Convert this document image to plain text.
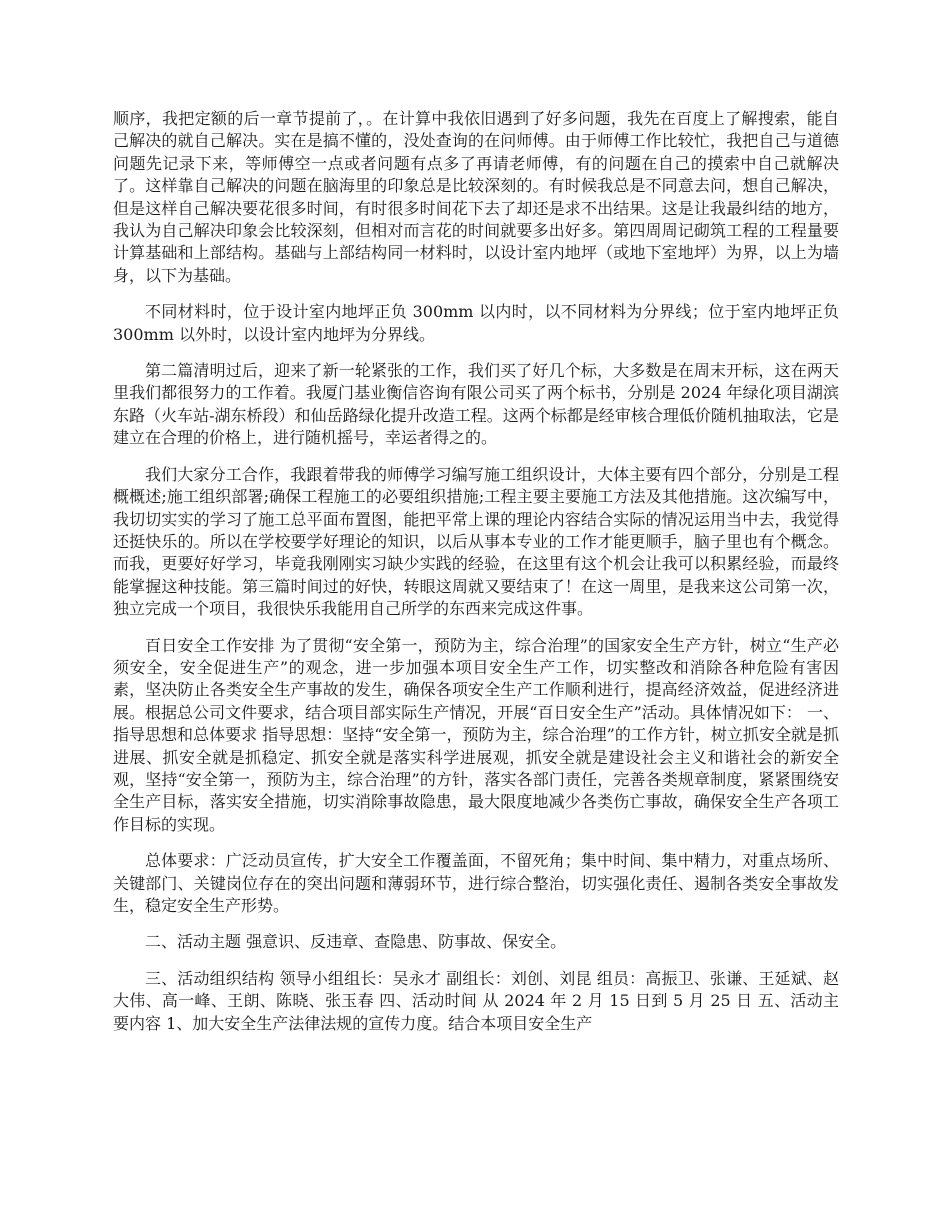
顺序，我把定额的后一章节提前了，。在计算中我依旧遇到了好多问题，我先在百度上了解搜索，能自己解决的就自己解决。实在是搞不懂的，没处查询的在问师傅。由于师傅工作比较忙，我把自己与道德问题先记录下来，等师傅空一点或者问题有点多了再请老师傅，有的问题在自己的摸索中自己就解决了。这样靠自己解决的问题在脑海里的印象总是比较深刻的。有时候我总是不同意去问，想自己解决，但是这样自己解决要花很多时间，有时很多时间花下去了却还是求不出结果。这是让我最纠结的地方，我认为自己解决印象会比较深刻，但相对而言花的时间就要多出好多。第四周周记砌筑工程的工程量要计算基础和上部结构。基础与上部结构同一材料时，以设计室内地坪（或地下室地坪）为界，以上为墙身，以下为基础。

不同材料时，位于设计室内地坪正负 300mm 以内时，以不同材料为分界线；位于室内地坪正负 300mm 以外时，以设计室内地坪为分界线。

第二篇清明过后，迎来了新一轮紧张的工作，我们买了好几个标，大多数是在周末开标，这在两天里我们都很努力的工作着。我厦门基业衡信咨询有限公司买了两个标书，分别是 2024 年绿化项目湖滨东路（火车站-湖东桥段）和仙岳路绿化提升改造工程。这两个标都是经审核合理低价随机抽取法，它是建立在合理的价格上，进行随机摇号，幸运者得之的。

我们大家分工合作，我跟着带我的师傅学习编写施工组织设计，大体主要有四个部分，分别是工程概概述;施工组织部署;确保工程施工的必要组织措施;工程主要主要施工方法及其他措施。这次编写中，我切切实实的学习了施工总平面布置图，能把平常上课的理论内容结合实际的情况运用当中去，我觉得还挺快乐的。所以在学校要学好理论的知识，以后从事本专业的工作才能更顺手，脑子里也有个概念。而我，更要好好学习，毕竟我刚刚实习缺少实践的经验，在这里有这个机会让我可以积累经验，而最终能掌握这种技能。第三篇时间过的好快，转眼这周就又要结束了！在这一周里，是我来这公司第一次，独立完成一个项目，我很快乐我能用自己所学的东西来完成这件事。

百日安全工作安排 为了贯彻“安全第一，预防为主，综合治理”的国家安全生产方针，树立“生产必须安全，安全促进生产”的观念，进一步加强本项目安全生产工作，切实整改和消除各种危险有害因素，坚决防止各类安全生产事故的发生，确保各项安全生产工作顺利进行，提高经济效益，促进经济进展。根据总公司文件要求，结合项目部实际生产情况，开展“百日安全生产”活动。具体情况如下： 一、指导思想和总体要求 指导思想：坚持“安全第一，预防为主，综合治理”的工作方针，树立抓安全就是抓进展、抓安全就是抓稳定、抓安全就是落实科学进展观，抓安全就是建设社会主义和谐社会的新安全观，坚持“安全第一，预防为主，综合治理”的方针，落实各部门责任，完善各类规章制度，紧紧围绕安全生产目标，落实安全措施，切实消除事故隐患，最大限度地减少各类伤亡事故，确保安全生产各项工作目标的实现。

总体要求：广泛动员宣传，扩大安全工作覆盖面，不留死角；集中时间、集中精力，对重点场所、关键部门、关键岗位存在的突出问题和薄弱环节，进行综合整治，切实强化责任、遏制各类安全事故发生，稳定安全生产形势。

二、活动主题 强意识、反违章、查隐患、防事故、保安全。

三、活动组织结构 领导小组组长：吴永才 副组长：刘创、刘昆 组员：高振卫、张谦、王延斌、赵大伟、高一峰、王朗、陈晓、张玉春 四、活动时间 从 2024 年 2 月 15 日到 5 月 25 日 五、活动主要内容 1、加大安全生产法律法规的宣传力度。结合本项目安全生产
